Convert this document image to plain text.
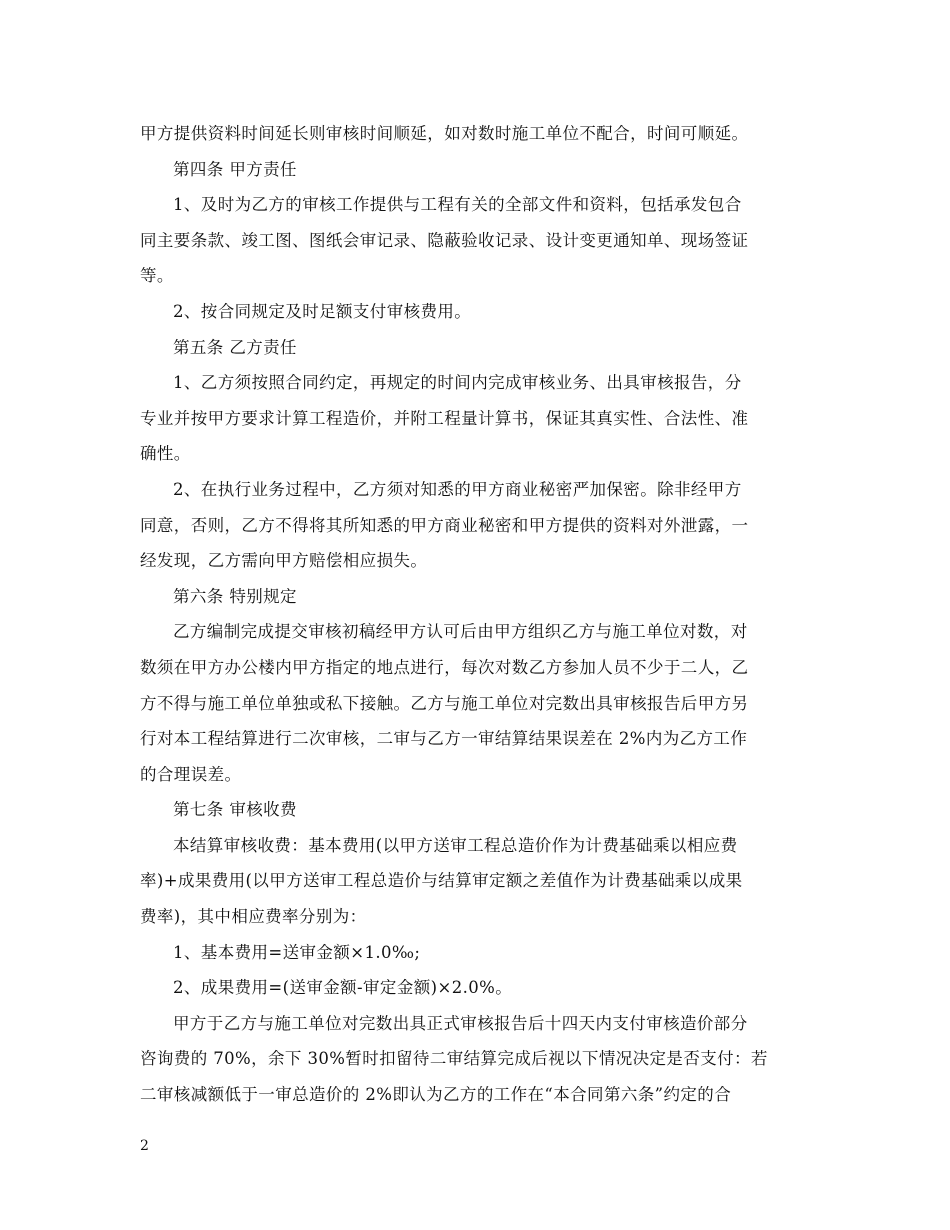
甲方提供资料时间延长则审核时间顺延，如对数时施工单位不配合，时间可顺延。
第四条 甲方责任
1、及时为乙方的审核工作提供与工程有关的全部文件和资料，包括承发包合
同主要条款、竣工图、图纸会审记录、隐蔽验收记录、设计变更通知单、现场签证
等。
2、按合同规定及时足额支付审核费用。
第五条 乙方责任
1、乙方须按照合同约定，再规定的时间内完成审核业务、出具审核报告，分
专业并按甲方要求计算工程造价，并附工程量计算书，保证其真实性、合法性、准
确性。
2、在执行业务过程中，乙方须对知悉的甲方商业秘密严加保密。除非经甲方
同意，否则，乙方不得将其所知悉的甲方商业秘密和甲方提供的资料对外泄露，一
经发现，乙方需向甲方赔偿相应损失。
第六条 特别规定
乙方编制完成提交审核初稿经甲方认可后由甲方组织乙方与施工单位对数，对
数须在甲方办公楼内甲方指定的地点进行，每次对数乙方参加人员不少于二人，乙
方不得与施工单位单独或私下接触。乙方与施工单位对完数出具审核报告后甲方另
行对本工程结算进行二次审核，二审与乙方一审结算结果误差在 2%内为乙方工作
的合理误差。
第七条 审核收费
本结算审核收费：基本费用(以甲方送审工程总造价作为计费基础乘以相应费
率)+成果费用(以甲方送审工程总造价与结算审定额之差值作为计费基础乘以成果
费率)，其中相应费率分别为：
1、基本费用=送审金额×1.0‰;
2、成果费用=(送审金额-审定金额)×2.0%。
甲方于乙方与施工单位对完数出具正式审核报告后十四天内支付审核造价部分
咨询费的 70%，余下 30%暂时扣留待二审结算完成后视以下情况决定是否支付：若
二审核减额低于一审总造价的 2%即认为乙方的工作在“本合同第六条”约定的合
2
